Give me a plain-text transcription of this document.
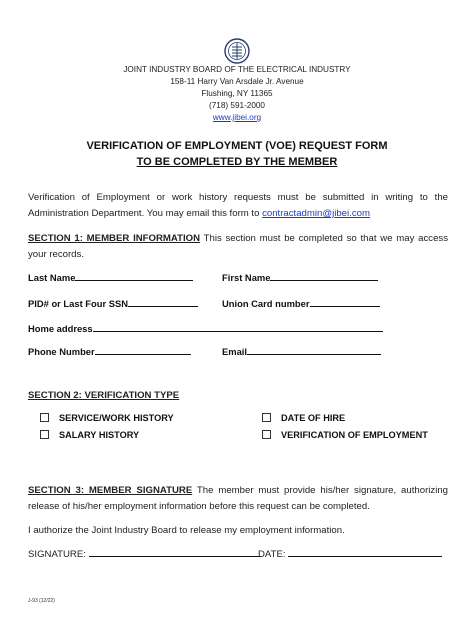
JOINT INDUSTRY BOARD OF THE ELECTRICAL INDUSTRY
158-11 Harry Van Arsdale Jr. Avenue
Flushing, NY 11365
(718) 591-2000
www.jibei.org
VERIFICATION OF EMPLOYMENT (VOE) REQUEST FORM
TO BE COMPLETED BY THE MEMBER
Verification of Employment or work history requests must be submitted in writing to the Administration Department. You may email this form to contractadmin@jibei.com
SECTION 1: MEMBER INFORMATION This section must be completed so that we may access your records.
Last Name	First Name
PID# or Last Four SSN	Union Card number
Home address
Phone Number	Email
SECTION 2: VERIFICATION TYPE
SERVICE/WORK HISTORY
SALARY HISTORY
DATE OF HIRE
VERIFICATION OF EMPLOYMENT
SECTION 3: MEMBER SIGNATURE The member must provide his/her signature, authorizing release of his/her employment information before this request can be completed.
I authorize the Joint Industry Board to release my employment information.
SIGNATURE:	DATE:
J-93 (12/22)
